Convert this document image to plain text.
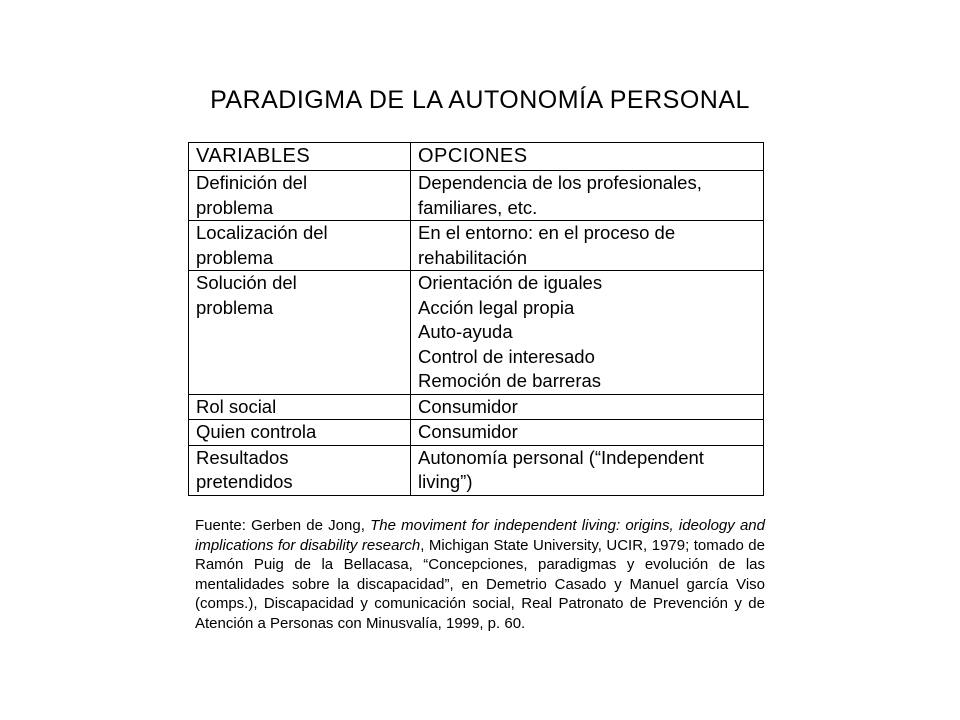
PARADIGMA DE LA AUTONOMÍA PERSONAL
VARIABLES	OPCIONES

Definición del
problema	Dependencia de los profesionales,
familiares, etc.

Localización del
problema	En el entorno: en el proceso de
rehabilitación

Solución del
problema	Orientación de iguales
Acción legal propia
Auto-ayuda
Control de interesado
Remoción de barreras

Rol social	Consumidor

Quien controla	Consumidor

Resultados
pretendidos	Autonomía personal (“Independent
living”)

Fuente: Gerben de Jong, The moviment for independent living: origins, ideology and implications for disability research, Michigan State University, UCIR, 1979; tomado de Ramón Puig de la Bellacasa, “Concepciones, paradigmas y evolución de las mentalidades sobre la discapacidad”, en Demetrio Casado y Manuel garcía Viso (comps.), Discapacidad y comunicación social, Real Patronato de Prevención y de Atención a Personas con Minusvalía, 1999, p. 60.
